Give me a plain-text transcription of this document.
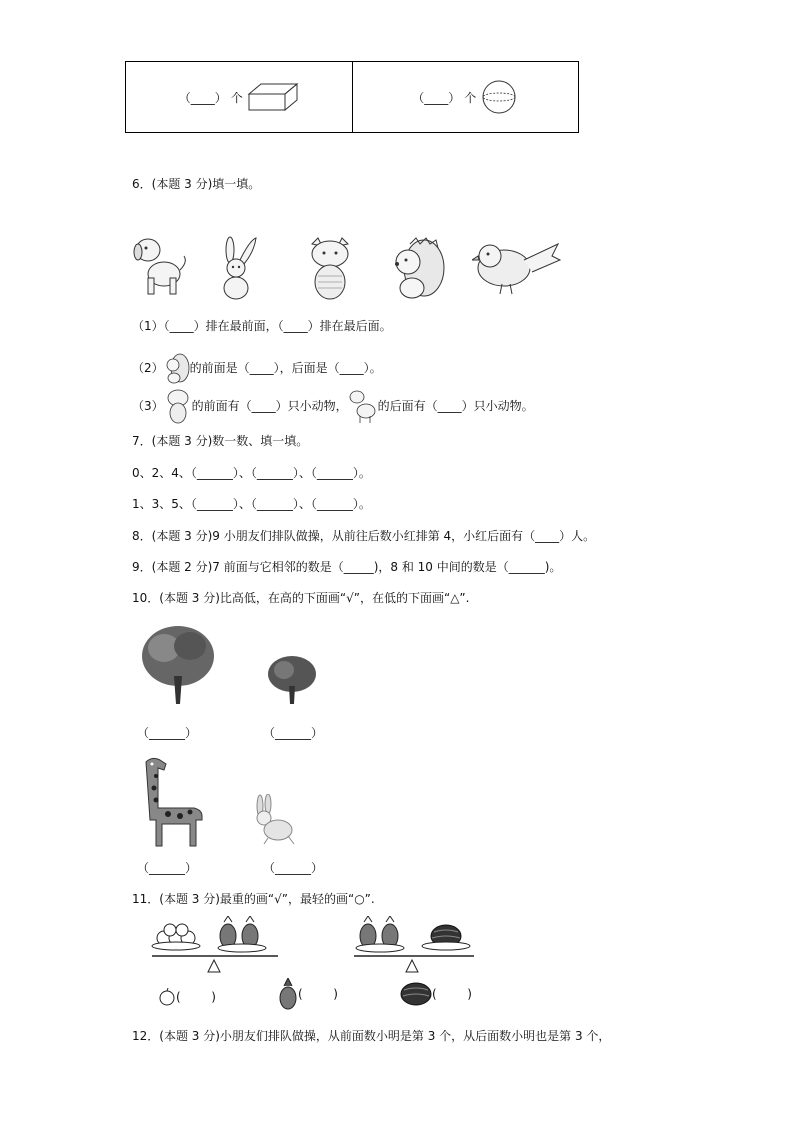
（____） 个	（____） 个
6．(本题 3 分)填一填。
（1）（____）排在最前面，（____）排在最后面。
（2） 的前面是（____），后面是（____）。
（3） 的前面有（____）只小动物，	的后面有（____）只小动物。
7．(本题 3 分)数一数、填一填。
0、2、4、（______）、（______）、（______）。
1、3、5、（______）、（______）、（______）。
8．(本题 3 分)9 小朋友们排队做操，从前往后数小红排第 4，小红后面有（____）人。
9．(本题 2 分)7 前面与它相邻的数是（_____)，8 和 10 中间的数是（______)。
10．(本题 3 分)比高低，在高的下面画“√”，在低的下面画“△”.
（______）	（______）
（______）	（______）
11．(本题 3 分)最重的画“√”，最轻的画“○”.
(        )	(        )	(        )
12．(本题 3 分)小朋友们排队做操，从前面数小明是第 3 个，从后面数小明也是第 3 个，
